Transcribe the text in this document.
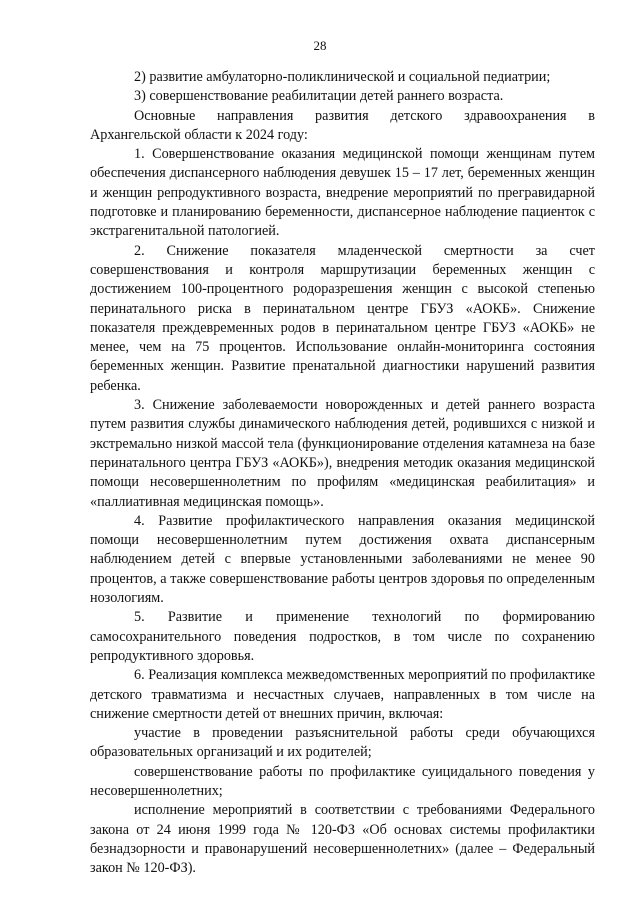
28

2) развитие амбулаторно-поликлинической и социальной педиатрии;

3) совершенствование реабилитации детей раннего возраста.

Основные направления развития детского здравоохранения в Архангельской области к 2024 году:

1. Совершенствование оказания медицинской помощи женщинам путем обеспечения диспансерного наблюдения девушек 15 – 17 лет, беременных женщин и женщин репродуктивного возраста, внедрение мероприятий по прегравидарной подготовке и планированию беременности, диспансерное наблюдение пациенток с экстрагенитальной патологией.

2. Снижение показателя младенческой смертности за счет совершенствования и контроля маршрутизации беременных женщин с достижением 100-процентного родоразрешения женщин с высокой степенью перинатального риска в перинатальном центре ГБУЗ «АОКБ». Снижение показателя преждевременных родов в перинатальном центре ГБУЗ «АОКБ» не менее, чем на 75 процентов. Использование онлайн-мониторинга состояния беременных женщин. Развитие пренатальной диагностики нарушений развития ребенка.

3. Снижение заболеваемости новорожденных и детей раннего возраста путем развития службы динамического наблюдения детей, родившихся с низкой и экстремально низкой массой тела (функционирование отделения катамнеза на базе перинатального центра ГБУЗ «АОКБ»), внедрения методик оказания медицинской помощи несовершеннолетним по профилям «медицинская реабилитация» и «паллиативная медицинская помощь».

4. Развитие профилактического направления оказания медицинской помощи несовершеннолетним путем достижения охвата диспансерным наблюдением детей с впервые установленными заболеваниями не менее 90 процентов, а также совершенствование работы центров здоровья по определенным нозологиям.

5. Развитие и применение технологий по формированию самосохранительного поведения подростков, в том числе по сохранению репродуктивного здоровья.

6. Реализация комплекса межведомственных мероприятий по профилактике детского травматизма и несчастных случаев, направленных в том числе на снижение смертности детей от внешних причин, включая:

участие в проведении разъяснительной работы среди обучающихся образовательных организаций и их родителей;

совершенствование работы по профилактике суицидального поведения у несовершеннолетних;

исполнение мероприятий в соответствии с требованиями Федерального закона от 24 июня 1999 года № 120-ФЗ «Об основах системы профилактики безнадзорности и правонарушений несовершеннолетних» (далее – Федеральный закон № 120-ФЗ).
